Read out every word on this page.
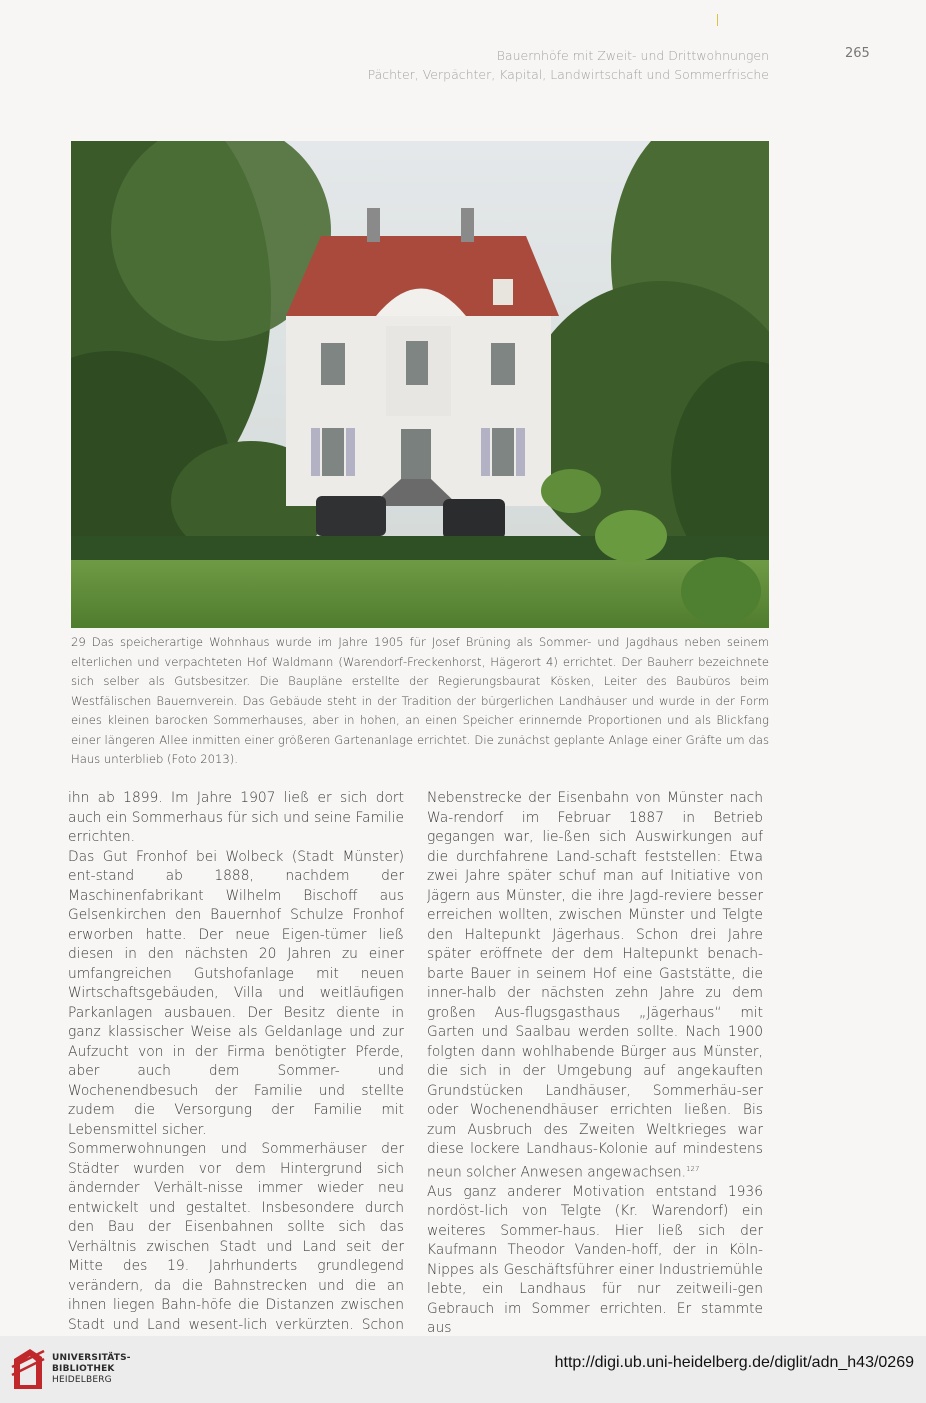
Bauernhöfe mit Zweit- und Drittwohnungen
Pächter, Verpächter, Kapital, Landwirtschaft und Sommerfrische
265
29 Das speicherartige Wohnhaus wurde im Jahre 1905 für Josef Brüning als Sommer- und Jagdhaus neben seinem elterlichen und verpachteten Hof Waldmann (Warendorf-Freckenhorst, Hägerort 4) errichtet. Der Bauherr bezeichnete sich selber als Gutsbesitzer. Die Baupläne erstellte der Regierungsbaurat Kösken, Leiter des Baubüros beim Westfälischen Bauernverein. Das Gebäude steht in der Tradition der bürgerlichen Landhäuser und wurde in der Form eines kleinen barocken Sommerhauses, aber in hohen, an einen Speicher erinnernde Proportionen und als Blickfang einer längeren Allee inmitten einer größeren Gartenanlage errichtet. Die zunächst geplante Anlage einer Gräfte um das Haus unterblieb (Foto 2013).

ihn ab 1899. Im Jahre 1907 ließ er sich dort auch ein Sommerhaus für sich und seine Familie errichten.

Das Gut Fronhof bei Wolbeck (Stadt Münster) ent-stand ab 1888, nachdem der Maschinenfabrikant Wilhelm Bischoff aus Gelsenkirchen den Bauernhof Schulze Fronhof erworben hatte. Der neue Eigen-tümer ließ diesen in den nächsten 20 Jahren zu einer umfangreichen Gutshofanlage mit neuen Wirtschaftsgebäuden, Villa und weitläufigen Parkanlagen ausbauen. Der Besitz diente in ganz klassischer Weise als Geldanlage und zur Aufzucht von in der Firma benötigter Pferde, aber auch dem Sommer- und Wochenendbesuch der Familie und stellte zudem die Versorgung der Familie mit Lebensmittel sicher.

Sommerwohnungen und Sommerhäuser der Städter wurden vor dem Hintergrund sich ändernder Verhält-nisse immer wieder neu entwickelt und gestaltet. Insbesondere durch den Bau der Eisenbahnen sollte sich das Verhältnis zwischen Stadt und Land seit der Mitte des 19. Jahrhunderts grundlegend verändern, da die Bahnstrecken und die an ihnen liegen Bahn-höfe die Distanzen zwischen Stadt und Land wesent-lich verkürzten. Schon

Nebenstrecke der Eisenbahn von Münster nach Wa-rendorf im Februar 1887 in Betrieb gegangen war, lie-ßen sich Auswirkungen auf die durchfahrene Land-schaft feststellen: Etwa zwei Jahre später schuf man auf Initiative von Jägern aus Münster, die ihre Jagd-reviere besser erreichen wollten, zwischen Münster und Telgte den Haltepunkt Jägerhaus. Schon drei Jahre später eröffnete der dem Haltepunkt benach-barte Bauer in seinem Hof eine Gaststätte, die inner-halb der nächsten zehn Jahre zu dem großen Aus-flugsgasthaus „Jägerhaus“ mit Garten und Saalbau werden sollte. Nach 1900 folgten dann wohlhabende Bürger aus Münster, die sich in der Umgebung auf angekauften Grundstücken Landhäuser, Sommerhäu-ser oder Wochenendhäuser errichten ließen. Bis zum Ausbruch des Zweiten Weltkrieges war diese lockere Landhaus-Kolonie auf mindestens neun solcher Anwesen angewachsen.$^{127}$

Aus ganz anderer Motivation entstand 1936 nordöst-lich von Telgte (Kr. Warendorf) ein weiteres Sommer-haus. Hier ließ sich der Kaufmann Theodor Vanden-hoff, der in Köln-Nippes als Geschäftsführer einer Industriemühle lebte, ein Landhaus für nur zeitweili-gen Gebrauch im Sommer errichten. Er stammte aus

UNIVERSITÄTS-
BIBLIOTHEK
HEIDELBERG
http://digi.ub.uni-heidelberg.de/diglit/adn_h43/0269
